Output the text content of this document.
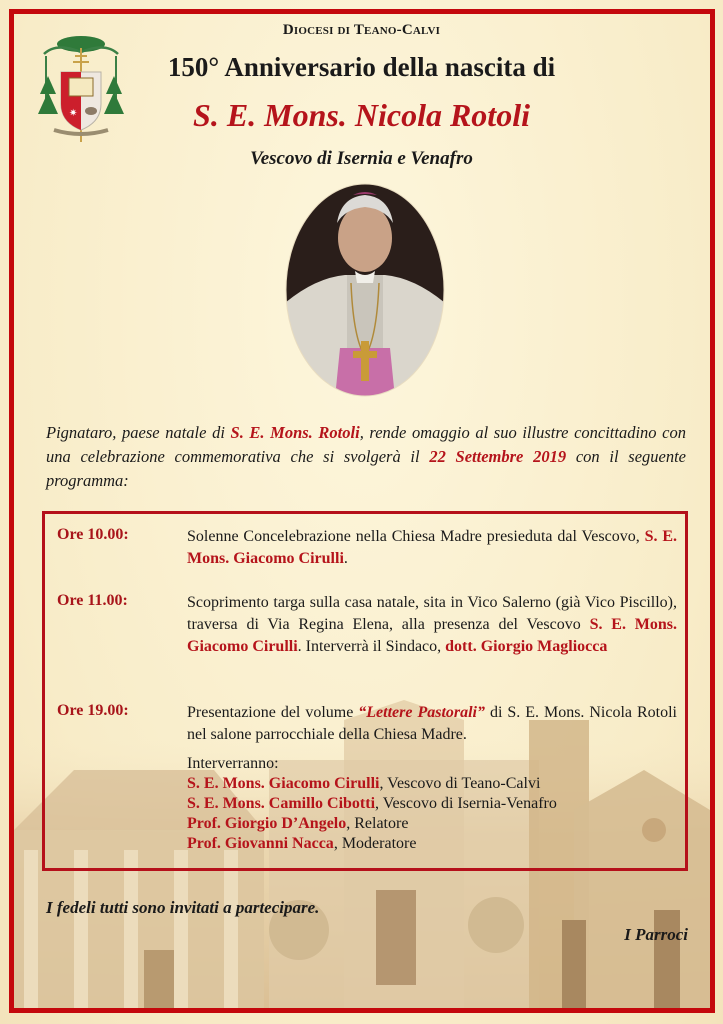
✷
Diocesi di Teano-Calvi
150° Anniversario della nascita di
S. E. Mons. Nicola Rotoli
Vescovo di Isernia e Venafro
Pignataro, paese natale di S. E. Mons. Rotoli, rende omaggio al suo illustre concittadino con una celebrazione commemorativa che si svolgerà il 22 Settembre 2019 con il seguente programma:
Ore 10.00:	Solenne Concelebrazione nella Chiesa Madre presieduta dal Vescovo, S. E. Mons. Giacomo Cirulli.
Ore 11.00:	Scoprimento targa sulla casa natale, sita in Vico Salerno (già Vico Piscillo), traversa di Via Regina Elena, alla presenza del Vescovo S. E. Mons. Giacomo Cirulli. Interverrà il Sindaco, dott. Giorgio Magliocca
Ore 19.00:	Presentazione del volume “Lettere Pastorali” di S. E. Mons. Nicola Rotoli nel salone parrocchiale della Chiesa Madre.
Interverranno:
S. E. Mons. Giacomo Cirulli, Vescovo di Teano-Calvi
S. E. Mons. Camillo Cibotti, Vescovo di Isernia-Venafro
Prof. Giorgio D’Angelo, Relatore
Prof. Giovanni Nacca, Moderatore
I fedeli tutti sono invitati a partecipare.
I Parroci
